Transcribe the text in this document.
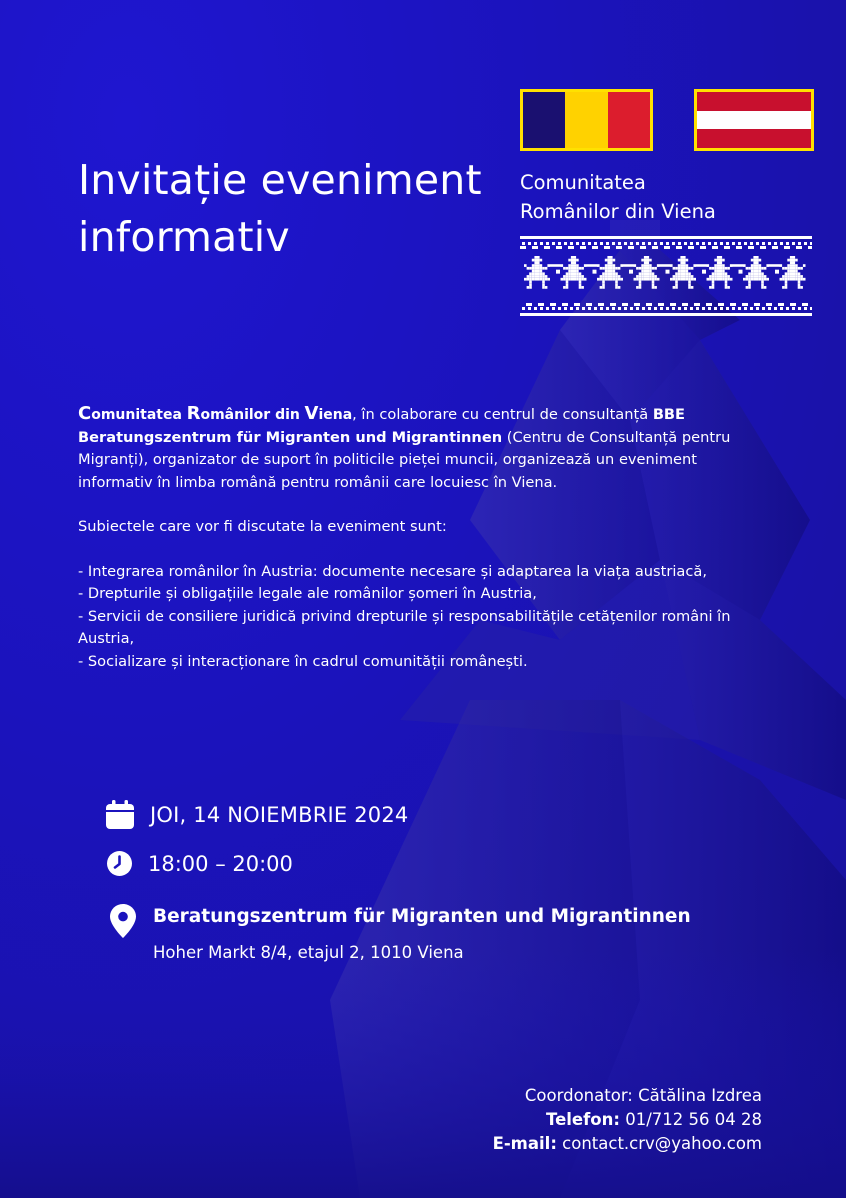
Invitație eveniment
informativ
Comunitatea
Românilor din Viena

Comunitatea Românilor din Viena, în colaborare cu centrul de consultanță BBE Beratungszentrum für Migranten und Migrantinnen (Centru de Consultanță pentru Migranți), organizator de suport în politicile pieței muncii, organizează un eveniment informativ în limba română pentru românii care locuiesc în Viena.

Subiectele care vor fi discutate la eveniment sunt:

- Integrarea românilor în Austria: documente necesare și adaptarea la viața austriacă,
- Drepturile și obligațiile legale ale românilor șomeri în Austria,
- Servicii de consiliere juridică privind drepturile și responsabilitățile cetățenilor români în Austria,
- Socializare și interacționare în cadrul comunității românești.
JOI, 14 NOIEMBRIE 2024
18:00 – 20:00
Beratungszentrum für Migranten und Migrantinnen
Hoher Markt 8/4, etajul 2, 1010 Viena
Coordonator: Cătălina Izdrea
Telefon: 01/712 56 04 28
E-mail: contact.crv@yahoo.com
